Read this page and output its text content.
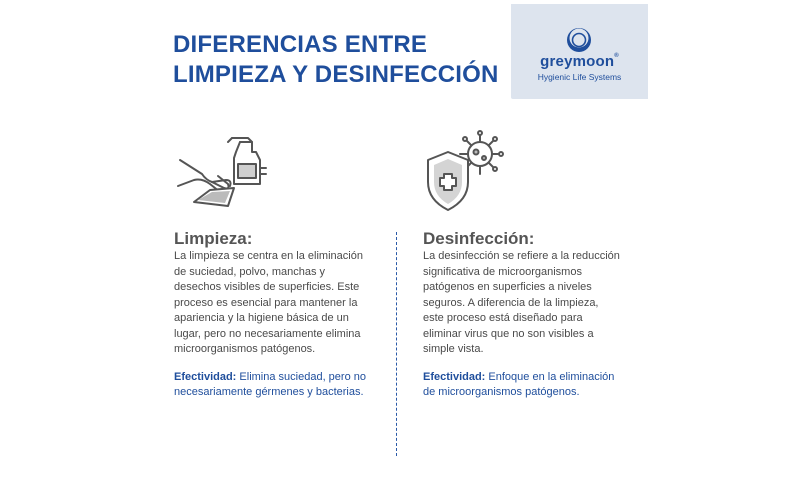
DIFERENCIAS ENTRE
LIMPIEZA Y DESINFECCIÓN	greymoon®
Hygienic Life Systems
Limpieza:

La limpieza se centra en la eliminación de suciedad, polvo, manchas y desechos visibles de superficies. Este proceso es esencial para mantener la apariencia y la higiene básica de un lugar, pero no necesariamente elimina microorganismos patógenos.

Efectividad: Elimina suciedad, pero no necesariamente gérmenes y bacterias.

Desinfección:

La desinfección se refiere a la reducción significativa de microorganismos patógenos en superficies a niveles seguros. A diferencia de la limpieza, este proceso está diseñado para eliminar virus que no son visibles a simple vista.

Efectividad: Enfoque en la eliminación de microorganismos patógenos.
